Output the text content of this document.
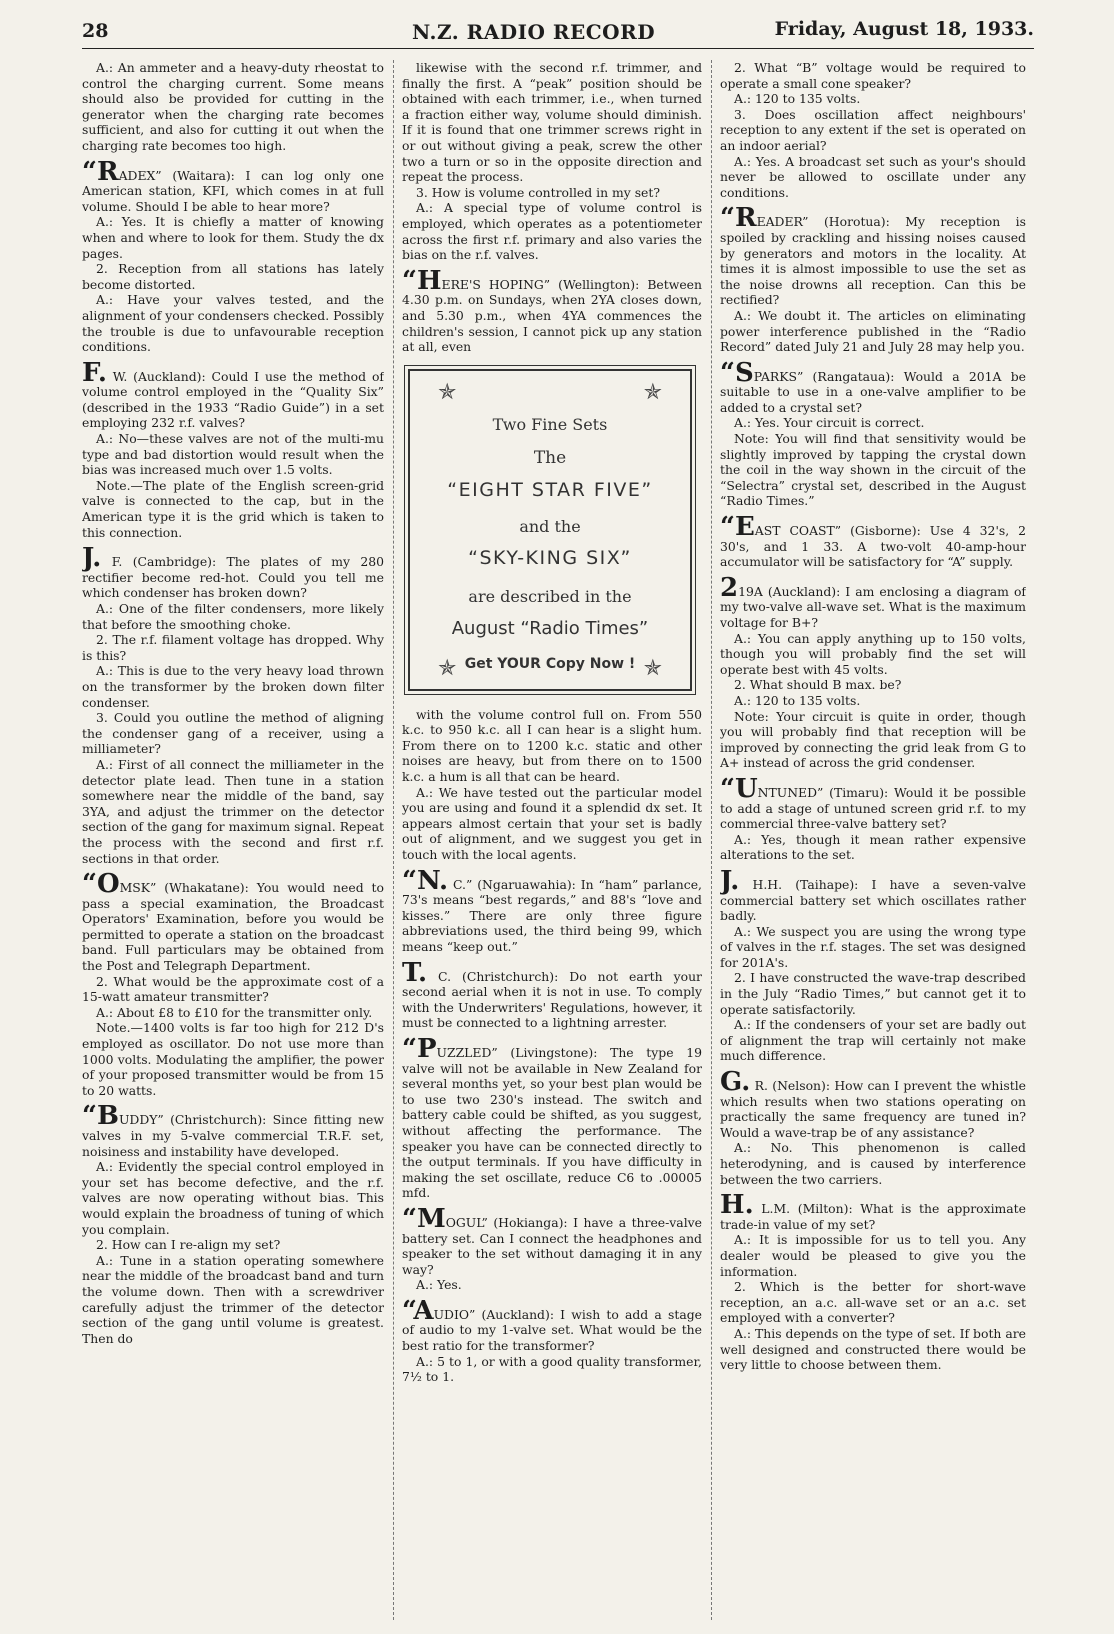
28	N.Z. RADIO RECORD	Friday, August 18, 1933.

A.: An ammeter and a heavy-duty rheostat to control the charging current. Some means should also be provided for cutting in the generator when the charging rate becomes sufficient, and also for cutting it out when the charging rate becomes too high.

“RADEX” (Waitara): I can log only one American station, KFI, which comes in at full volume. Should I be able to hear more?

A.: Yes. It is chiefly a matter of knowing when and where to look for them. Study the dx pages.

2. Reception from all stations has lately become distorted.

A.: Have your valves tested, and the alignment of your condensers checked. Possibly the trouble is due to unfavourable reception conditions.

F. W. (Auckland): Could I use the method of volume control employed in the “Quality Six” (described in the 1933 “Radio Guide”) in a set employing 232 r.f. valves?

A.: No—these valves are not of the multi-mu type and bad distortion would result when the bias was increased much over 1.5 volts.

Note.—The plate of the English screen-grid valve is connected to the cap, but in the American type it is the grid which is taken to this connection.

J. F. (Cambridge): The plates of my 280 rectifier become red-hot. Could you tell me which condenser has broken down?

A.: One of the filter condensers, more likely that before the smoothing choke.

2. The r.f. filament voltage has dropped. Why is this?

A.: This is due to the very heavy load thrown on the transformer by the broken down filter condenser.

3. Could you outline the method of aligning the condenser gang of a receiver, using a milliameter?

A.: First of all connect the milliameter in the detector plate lead. Then tune in a station somewhere near the middle of the band, say 3YA, and adjust the trimmer on the detector section of the gang for maximum signal. Repeat the process with the second and first r.f. sections in that order.

“OMSK” (Whakatane): You would need to pass a special examination, the Broadcast Operators' Examination, before you would be permitted to operate a station on the broadcast band. Full particulars may be obtained from the Post and Telegraph Department.

2. What would be the approximate cost of a 15-watt amateur transmitter?

A.: About £8 to £10 for the transmitter only.

Note.—1400 volts is far too high for 212 D's employed as oscillator. Do not use more than 1000 volts. Modulating the amplifier, the power of your proposed transmitter would be from 15 to 20 watts.

“BUDDY” (Christchurch): Since fitting new valves in my 5-valve commercial T.R.F. set, noisiness and instability have developed.

A.: Evidently the special control employed in your set has become defective, and the r.f. valves are now operating without bias. This would explain the broadness of tuning of which you complain.

2. How can I re-align my set?

A.: Tune in a station operating somewhere near the middle of the broadcast band and turn the volume down. Then with a screwdriver carefully adjust the trimmer of the detector section of the gang until volume is greatest. Then do

likewise with the second r.f. trimmer, and finally the first. A “peak” position should be obtained with each trimmer, i.e., when turned a fraction either way, volume should diminish. If it is found that one trimmer screws right in or out without giving a peak, screw the other two a turn or so in the opposite direction and repeat the process.

3. How is volume controlled in my set?

A.: A special type of volume control is employed, which operates as a potentiometer across the first r.f. primary and also varies the bias on the r.f. valves.

“HERE'S HOPING” (Wellington): Between 4.30 p.m. on Sundays, when 2YA closes down, and 5.30 p.m., when 4YA commences the children's session, I cannot pick up any station at all, even

✯	✯
Two Fine Sets
The
“EIGHT STAR FIVE”
and the
“SKY-KING SIX”
are described in the
August “Radio Times”
Get YOUR Copy Now !
✯	✯

with the volume control full on. From 550 k.c. to 950 k.c. all I can hear is a slight hum. From there on to 1200 k.c. static and other noises are heavy, but from there on to 1500 k.c. a hum is all that can be heard.

A.: We have tested out the particular model you are using and found it a splendid dx set. It appears almost certain that your set is badly out of alignment, and we suggest you get in touch with the local agents.

“N. C.” (Ngaruawahia): In “ham” parlance, 73's means “best regards,” and 88's “love and kisses.” There are only three figure abbreviations used, the third being 99, which means “keep out.”

T. C. (Christchurch): Do not earth your second aerial when it is not in use. To comply with the Underwriters' Regulations, however, it must be connected to a lightning arrester.

“PUZZLED” (Livingstone): The type 19 valve will not be available in New Zealand for several months yet, so your best plan would be to use two 230's instead. The switch and battery cable could be shifted, as you suggest, without affecting the performance. The speaker you have can be connected directly to the output terminals. If you have difficulty in making the set oscillate, reduce C6 to .00005 mfd.

“MOGUL” (Hokianga): I have a three-valve battery set. Can I connect the headphones and speaker to the set without damaging it in any way?

A.: Yes.

“AUDIO” (Auckland): I wish to add a stage of audio to my 1-valve set. What would be the best ratio for the transformer?

A.: 5 to 1, or with a good quality transformer, 7½ to 1.

2. What “B” voltage would be required to operate a small cone speaker?

A.: 120 to 135 volts.

3. Does oscillation affect neighbours' reception to any extent if the set is operated on an indoor aerial?

A.: Yes. A broadcast set such as your's should never be allowed to oscillate under any conditions.

“READER” (Horotua): My reception is spoiled by crackling and hissing noises caused by generators and motors in the locality. At times it is almost impossible to use the set as the noise drowns all reception. Can this be rectified?

A.: We doubt it. The articles on eliminating power interference published in the “Radio Record” dated July 21 and July 28 may help you.

“SPARKS” (Rangataua): Would a 201A be suitable to use in a one-valve amplifier to be added to a crystal set?

A.: Yes. Your circuit is correct.

Note: You will find that sensitivity would be slightly improved by tapping the crystal down the coil in the way shown in the circuit of the “Selectra” crystal set, described in the August “Radio Times.”

“EAST COAST” (Gisborne): Use 4 32's, 2 30's, and 1 33. A two-volt 40-amp-hour accumulator will be satisfactory for “A” supply.

219A (Auckland): I am enclosing a diagram of my two-valve all-wave set. What is the maximum voltage for B+?

A.: You can apply anything up to 150 volts, though you will probably find the set will operate best with 45 volts.

2. What should B max. be?

A.: 120 to 135 volts.

Note: Your circuit is quite in order, though you will probably find that reception will be improved by connecting the grid leak from G to A+ instead of across the grid condenser.

“UNTUNED” (Timaru): Would it be possible to add a stage of untuned screen grid r.f. to my commercial three-valve battery set?

A.: Yes, though it mean rather expensive alterations to the set.

J. H.H. (Taihape): I have a seven-valve commercial battery set which oscillates rather badly.

A.: We suspect you are using the wrong type of valves in the r.f. stages. The set was designed for 201A's.

2. I have constructed the wave-trap described in the July “Radio Times,” but cannot get it to operate satisfactorily.

A.: If the condensers of your set are badly out of alignment the trap will certainly not make much difference.

G. R. (Nelson): How can I prevent the whistle which results when two stations operating on practically the same frequency are tuned in? Would a wave-trap be of any assistance?

A.: No. This phenomenon is called heterodyning, and is caused by interference between the two carriers.

H. L.M. (Milton): What is the approximate trade-in value of my set?

A.: It is impossible for us to tell you. Any dealer would be pleased to give you the information.

2. Which is the better for short-wave reception, an a.c. all-wave set or an a.c. set employed with a converter?

A.: This depends on the type of set. If both are well designed and constructed there would be very little to choose between them.
